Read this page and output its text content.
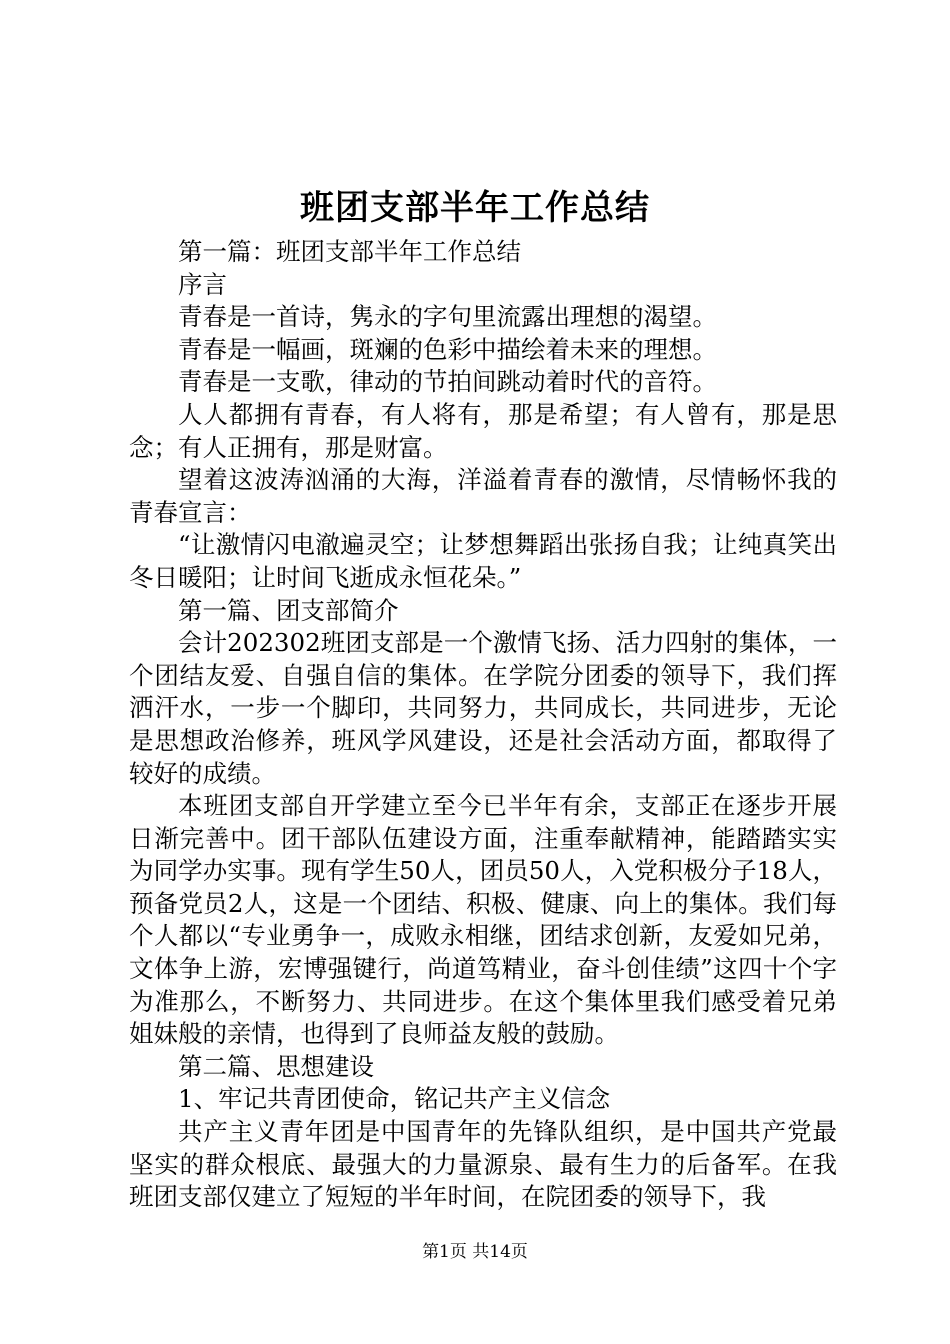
班团支部半年工作总结

第一篇：班团支部半年工作总结

序言

青春是一首诗，隽永的字句里流露出理想的渴望。

青春是一幅画，斑斓的色彩中描绘着未来的理想。

青春是一支歌，律动的节拍间跳动着时代的音符。

人人都拥有青春，有人将有，那是希望；有人曾有，那是思念；有人正拥有，那是财富。

望着这波涛汹涌的大海，洋溢着青春的激情，尽情畅怀我的青春宣言：

“让激情闪电澈遍灵空；让梦想舞蹈出张扬自我；让纯真笑出冬日暖阳；让时间飞逝成永恒花朵。”

第一篇、团支部简介

会计202302班团支部是一个激情飞扬、活力四射的集体，一个团结友爱、自强自信的集体。在学院分团委的领导下，我们挥洒汗水，一步一个脚印，共同努力，共同成长，共同进步，无论是思想政治修养，班风学风建设，还是社会活动方面，都取得了较好的成绩。

本班团支部自开学建立至今已半年有余，支部正在逐步开展日渐完善中。团干部队伍建设方面，注重奉献精神，能踏踏实实为同学办实事。现有学生50人，团员50人，入党积极分子18人，预备党员2人，这是一个团结、积极、健康、向上的集体。我们每个人都以“专业勇争一，成败永相继，团结求创新，友爱如兄弟，文体争上游，宏博强键行，尚道笃精业，奋斗创佳绩”这四十个字为准那么，不断努力、共同进步。在这个集体里我们感受着兄弟姐妹般的亲情，也得到了良师益友般的鼓励。

第二篇、思想建设

1、牢记共青团使命，铭记共产主义信念

共产主义青年团是中国青年的先锋队组织，是中国共产党最坚实的群众根底、最强大的力量源泉、最有生力的后备军。在我班团支部仅建立了短短的半年时间，在院团委的领导下，我

第1页 共14页
